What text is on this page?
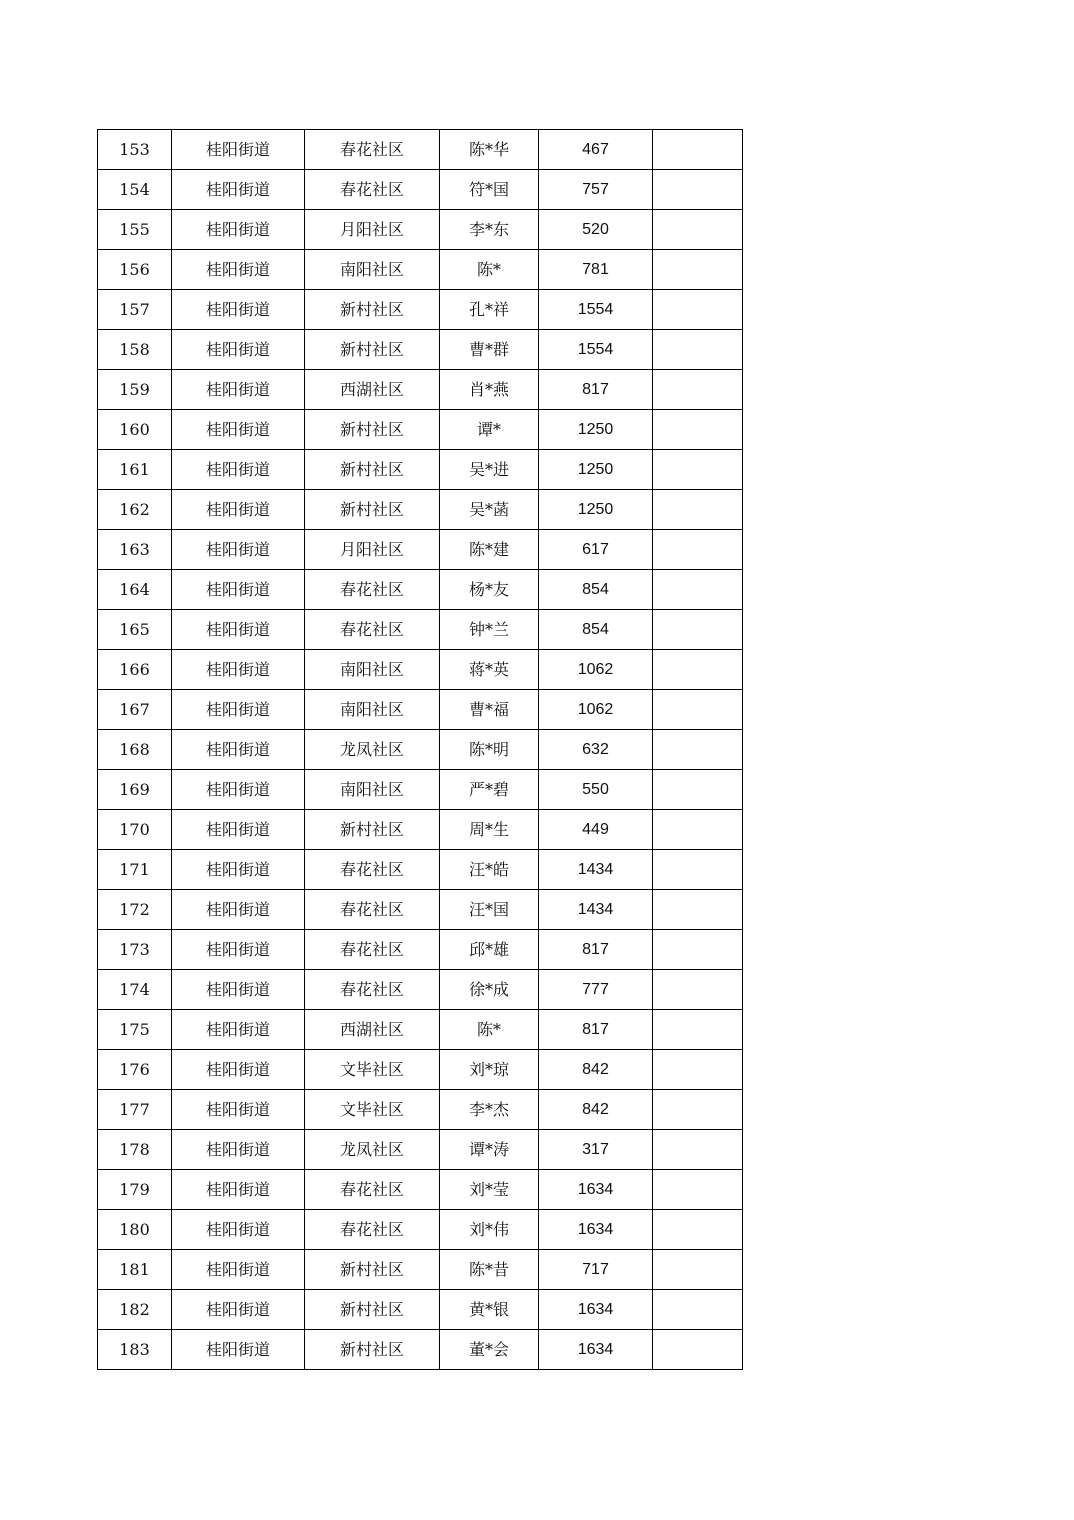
153	桂阳街道	春花社区	陈*华	467	
154	桂阳街道	春花社区	符*国	757	
155	桂阳街道	月阳社区	李*东	520	
156	桂阳街道	南阳社区	陈*	781	
157	桂阳街道	新村社区	孔*祥	1554	
158	桂阳街道	新村社区	曹*群	1554	
159	桂阳街道	西湖社区	肖*燕	817	
160	桂阳街道	新村社区	谭*	1250	
161	桂阳街道	新村社区	吴*进	1250	
162	桂阳街道	新村社区	吴*菡	1250	
163	桂阳街道	月阳社区	陈*建	617	
164	桂阳街道	春花社区	杨*友	854	
165	桂阳街道	春花社区	钟*兰	854	
166	桂阳街道	南阳社区	蒋*英	1062	
167	桂阳街道	南阳社区	曹*福	1062	
168	桂阳街道	龙凤社区	陈*明	632	
169	桂阳街道	南阳社区	严*碧	550	
170	桂阳街道	新村社区	周*生	449	
171	桂阳街道	春花社区	汪*皓	1434	
172	桂阳街道	春花社区	汪*国	1434	
173	桂阳街道	春花社区	邱*雄	817	
174	桂阳街道	春花社区	徐*成	777	
175	桂阳街道	西湖社区	陈*	817	
176	桂阳街道	文毕社区	刘*琼	842	
177	桂阳街道	文毕社区	李*杰	842	
178	桂阳街道	龙凤社区	谭*涛	317	
179	桂阳街道	春花社区	刘*莹	1634	
180	桂阳街道	春花社区	刘*伟	1634	
181	桂阳街道	新村社区	陈*昔	717	
182	桂阳街道	新村社区	黄*银	1634	
183	桂阳街道	新村社区	董*会	1634	
